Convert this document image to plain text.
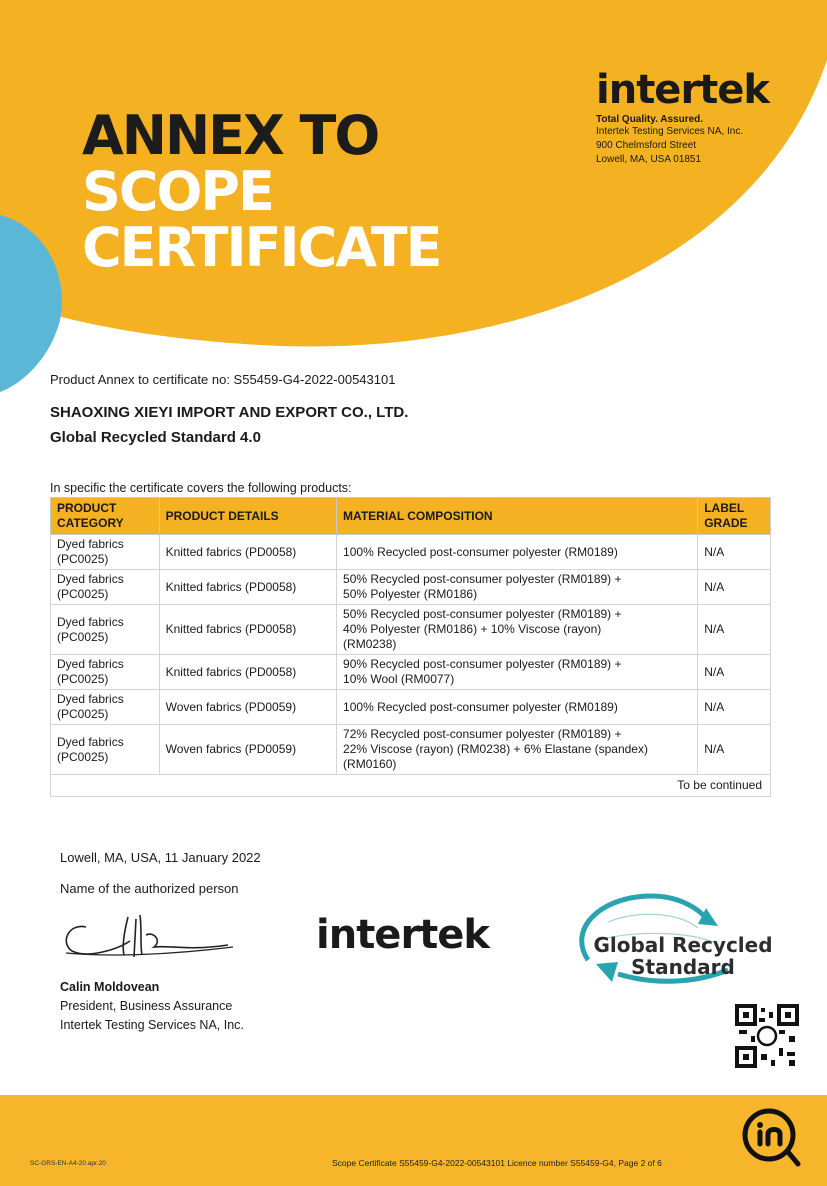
ANNEX TO
SCOPE
CERTIFICATE
intertek
Total Quality. Assured.
Intertek Testing Services NA, Inc.
900 Chelmsford Street
Lowell, MA, USA 01851
Product Annex to certificate no: S55459-G4-2022-00543101
SHAOXING XIEYI IMPORT AND EXPORT CO., LTD.
Global Recycled Standard 4.0
In specific the certificate covers the following products:
PRODUCT
CATEGORY	PRODUCT DETAILS	MATERIAL COMPOSITION	LABEL
GRADE
Dyed fabrics
(PC0025)	Knitted fabrics (PD0058)	100% Recycled post-consumer polyester (RM0189)	N/A
Dyed fabrics
(PC0025)	Knitted fabrics (PD0058)	50% Recycled post-consumer polyester (RM0189) +
50% Polyester (RM0186)	N/A
Dyed fabrics
(PC0025)	Knitted fabrics (PD0058)	50% Recycled post-consumer polyester (RM0189) +
40% Polyester (RM0186) + 10% Viscose (rayon)
(RM0238)	N/A
Dyed fabrics
(PC0025)	Knitted fabrics (PD0058)	90% Recycled post-consumer polyester (RM0189) +
10% Wool (RM0077)	N/A
Dyed fabrics
(PC0025)	Woven fabrics (PD0059)	100% Recycled post-consumer polyester (RM0189)	N/A
Dyed fabrics
(PC0025)	Woven fabrics (PD0059)	72% Recycled post-consumer polyester (RM0189) +
22% Viscose (rayon) (RM0238) + 6% Elastane (spandex)
(RM0160)	N/A
To be continued			
Lowell, MA, USA, 11 January 2022
Name of the authorized person
Calin Moldovean
President, Business Assurance
Intertek Testing Services NA, Inc.
intertek	Global Recycled
Standard
SC-GRS-EN-A4-20.apr.20	Scope Certificate S55459-G4-2022-00543101 Licence number S55459-G4, Page 2 of 6
